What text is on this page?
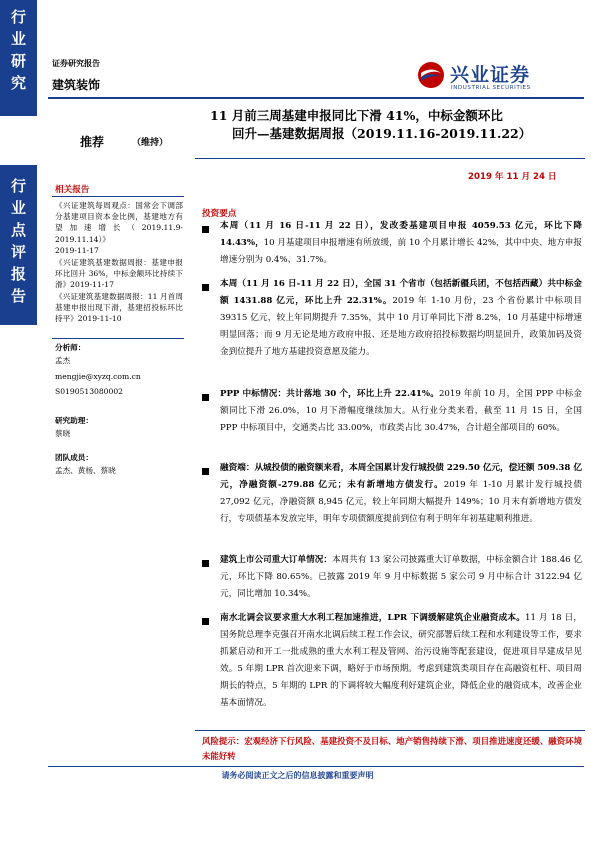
行
业
研
究
行
业
点
评
报
告
证券研究报告
建筑装饰	兴业证券
INDUSTRIAL SECURITIES
推荐	（维持）
11 月前三周基建申报同比下滑 41%，中标金额环比
回升—基建数据周报（2019.11.16-2019.11.22）
2019 年 11 月 24 日
相关报告
《兴证建筑每周观点：国常会下调部分基建项目资本金比例，基建地方有望加速增长（2019.11.9-2019.11.14）》
2019-11-17
《兴证建筑基建数据周报：基建申报环比回升 36%，中标金额环比持续下滑》2019-11-17
《兴证建筑基建数据周报：11 月首周基建申报出现下滑，基建招投标环比持平》2019-11-10
分析师：
孟杰
mengjie@xyzq.com.cn
S0190513080002
研究助理：
蔡晓
团队成员：
孟杰、黄杨、蔡晓
投资要点
本周（11 月 16 日-11 月 22 日），发改委基建项目申报 4059.53 亿元，环比下降 14.43%，10 月基建项目申报增速有所放缓，前 10 个月累计增长 42%，其中中央、地方申报增速分别为 0.4%、31.7%。
本周（11 月 16 日-11 月 22 日），全国 31 个省市（包括新疆兵团，不包括西藏）共中标金额 1431.88 亿元，环比上升 22.31%。2019 年 1-10 月份，23 个省份累计中标项目 39315 亿元，较上年同期提升 7.35%，其中 10 月订单同比下滑 8.2%，10 月基建中标增速明显回落；而 9 月无论是地方政府申报、还是地方政府招投标数据均明显回升，政策加码及资金到位提升了地方基建投资意愿及能力。
PPP 中标情况：共计落地 30 个，环比上升 22.41%。2019 年前 10 月，全国 PPP 中标金额同比下滑 26.0%，10 月下滑幅度继续加大。从行业分类来看，截至 11 月 15 日，全国 PPP 中标项目中，交通类占比 33.00%，市政类占比 30.47%，合计超全部项目的 60%。
融资端：从城投债的融资额来看，本周全国累计发行城投债 229.50 亿元，偿还额 509.38 亿元，净融资额-279.88 亿元；未有新增地方债发行。2019 年 1-10 月累计发行城投债 27,092 亿元，净融资额 8,945 亿元，较上年同期大幅提升 149%；10 月末有新增地方债发行，专项债基本发放完毕，明年专项债额度提前到位有利于明年年初基建顺利推进。
建筑上市公司重大订单情况：本周共有 13 家公司披露重大订单数据，中标金额合计 188.46 亿元，环比下降 80.65%。已披露 2019 年 9 月中标数据 5 家公司 9 月中标合计 3122.94 亿元，同比增加 10.34%。
南水北调会议要求重大水利工程加速推进，LPR 下调缓解建筑企业融资成本。11 月 18 日，国务院总理李克强召开南水北调后续工程工作会议，研究部署后续工程和水利建设等工作，要求抓紧启动和开工一批成熟的重大水利工程及管网、治污设施等配套建设，促进项目早建成早见效。5 年期 LPR 首次迎来下调，略好于市场预期。考虑到建筑类项目存在高融资杠杆、项目周期长的特点，5 年期的 LPR 的下调将较大幅度利好建筑企业，降低企业的融资成本，改善企业基本面情况。
风险提示：宏观经济下行风险、基建投资不及目标、地产销售持续下滑、项目推进速度还缓、融资环境未能好转
请务必阅读正文之后的信息披露和重要声明
